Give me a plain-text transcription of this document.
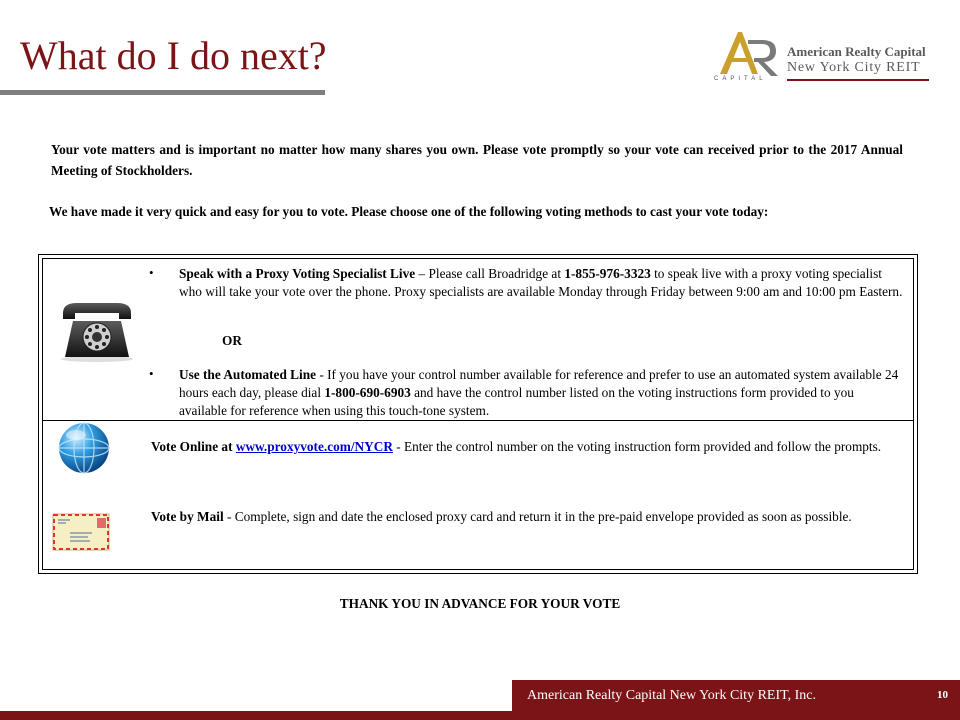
What do I do next?
CAPITAL
American Realty Capital
New York City REIT
Your vote matters and is important no matter how many shares you own. Please vote promptly so your vote can received prior to the 2017 Annual Meeting of Stockholders.
We have made it very quick and easy for you to vote. Please choose one of the following voting methods to cast your vote today:
• Speak with a Proxy Voting Specialist Live – Please call Broadridge at 1-855-976-3323 to speak live with a proxy voting specialist who will take your vote over the phone. Proxy specialists are available Monday through Friday between 9:00 am and 10:00 pm Eastern.
OR
• Use the Automated Line - If you have your control number available for reference and prefer to use an automated system available 24 hours each day, please dial 1-800-690-6903 and have the control number listed on the voting instructions form provided to you available for reference when using this touch-tone system.
Vote Online at www.proxyvote.com/NYCR - Enter the control number on the voting instruction form provided and follow the prompts.
Vote by Mail - Complete, sign and date the enclosed proxy card and return it in the pre-paid envelope provided as soon as possible.
THANK YOU IN ADVANCE FOR YOUR VOTE
American Realty Capital New York City REIT, Inc.	10
